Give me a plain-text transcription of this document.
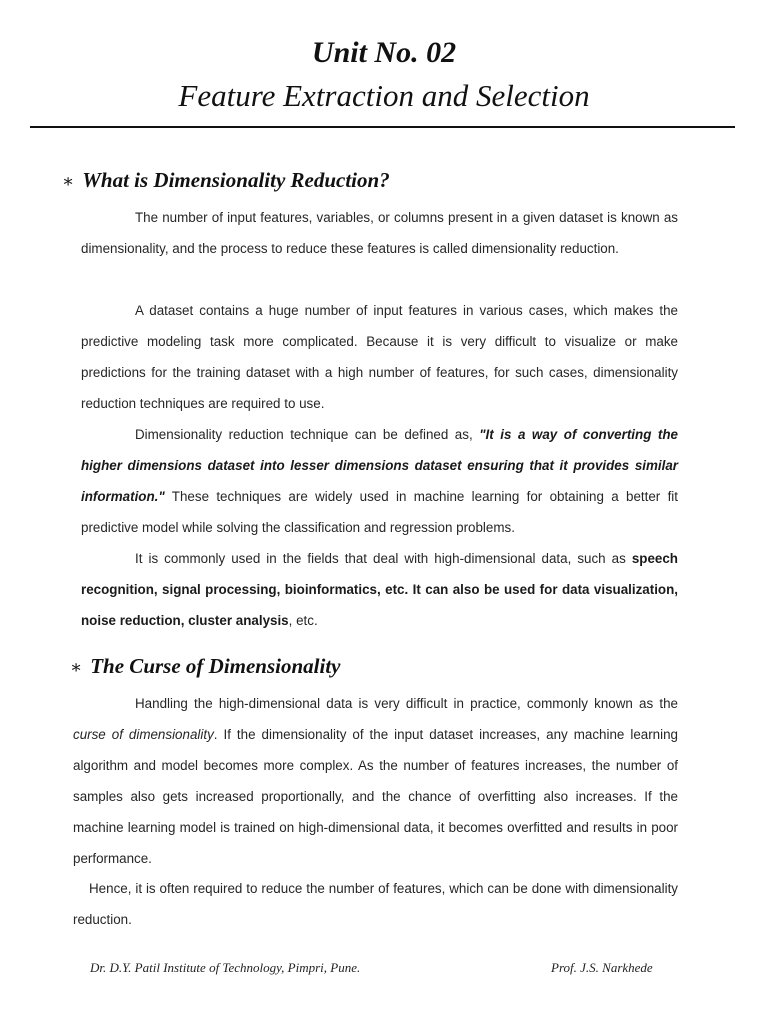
Unit No. 02
Feature Extraction and Selection
∗ What is Dimensionality Reduction?

The number of input features, variables, or columns present in a given dataset is known as dimensionality, and the process to reduce these features is called dimensionality reduction.

A dataset contains a huge number of input features in various cases, which makes the predictive modeling task more complicated. Because it is very difficult to visualize or make predictions for the training dataset with a high number of features, for such cases, dimensionality reduction techniques are required to use.

Dimensionality reduction technique can be defined as, "It is a way of converting the higher dimensions dataset into lesser dimensions dataset ensuring that it provides similar information." These techniques are widely used in machine learning for obtaining a better fit predictive model while solving the classification and regression problems.

It is commonly used in the fields that deal with high-dimensional data, such as speech recognition, signal processing, bioinformatics, etc. It can also be used for data visualization, noise reduction, cluster analysis, etc.

∗ The Curse of Dimensionality

Handling the high-dimensional data is very difficult in practice, commonly known as the curse of dimensionality. If the dimensionality of the input dataset increases, any machine learning algorithm and model becomes more complex. As the number of features increases, the number of samples also gets increased proportionally, and the chance of overfitting also increases. If the machine learning model is trained on high-dimensional data, it becomes overfitted and results in poor performance.

Hence, it is often required to reduce the number of features, which can be done with dimensionality reduction.

Dr. D.Y. Patil Institute of Technology, Pimpri, Pune.	Prof. J.S. Narkhede
